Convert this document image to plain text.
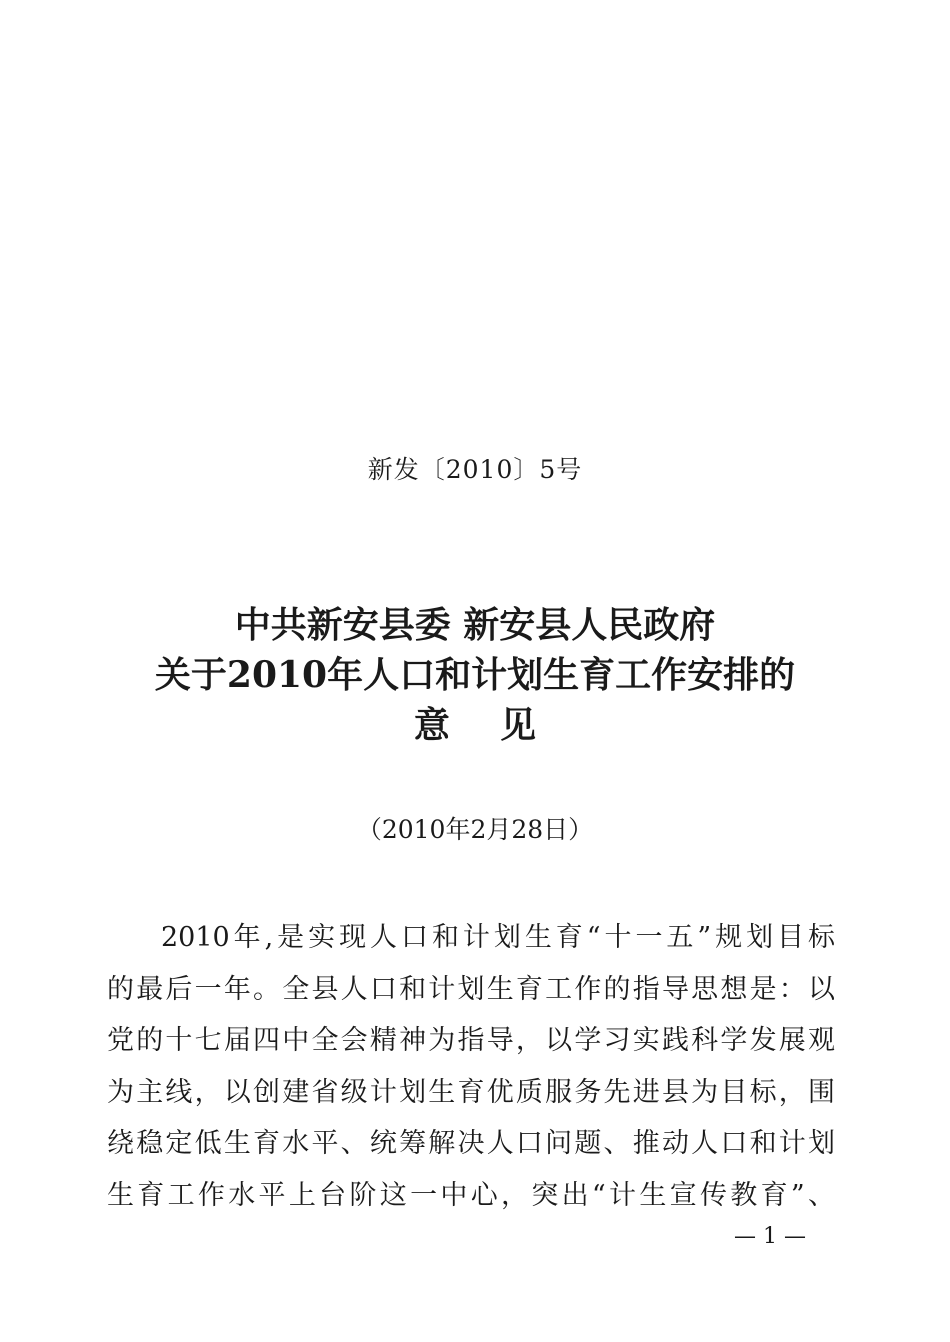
新发〔2010〕5号
中共新安县委 新安县人民政府
关于2010年人口和计划生育工作安排的
意    见
（2010年2月28日）
2010年,是实现人口和计划生育“十一五”规划目标
的最后一年。全县人口和计划生育工作的指导思想是：以
党的十七届四中全会精神为指导，以学习实践科学发展观
为主线，以创建省级计划生育优质服务先进县为目标，围
绕稳定低生育水平、统筹解决人口问题、推动人口和计划
生育工作水平上台阶这一中心，突出“计生宣传教育”、
— 1 —
